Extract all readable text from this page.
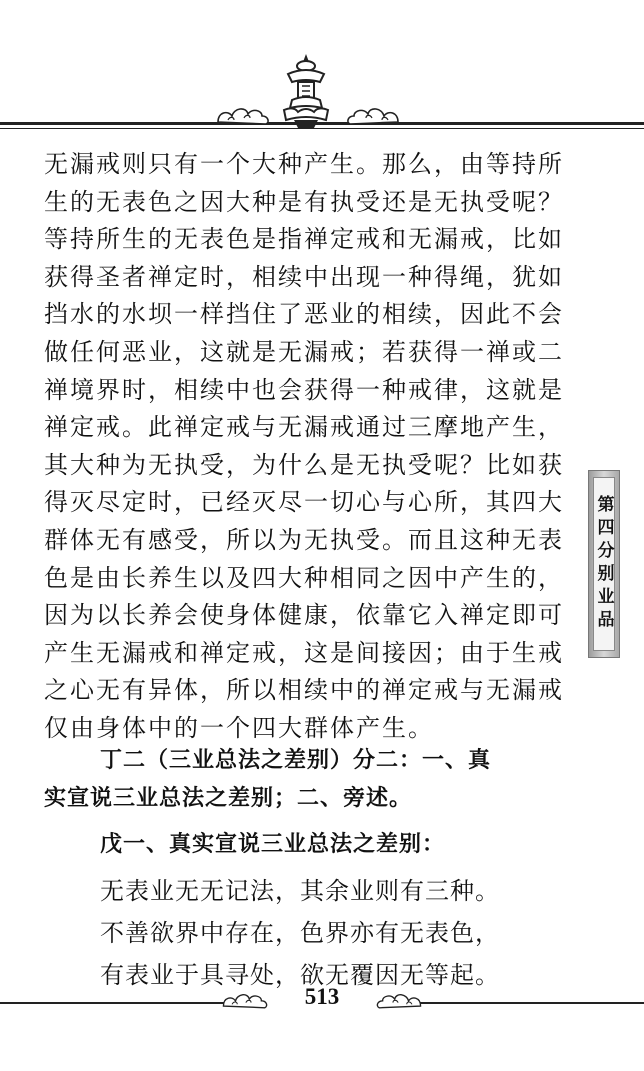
无漏戒则只有一个大种产生。那么，由等持所

生的无表色之因大种是有执受还是无执受呢？

等持所生的无表色是指禅定戒和无漏戒，比如

获得圣者禅定时，相续中出现一种得绳，犹如

挡水的水坝一样挡住了恶业的相续，因此不会

做任何恶业，这就是无漏戒；若获得一禅或二

禅境界时，相续中也会获得一种戒律，这就是

禅定戒。此禅定戒与无漏戒通过三摩地产生，

其大种为无执受，为什么是无执受呢？比如获

得灭尽定时，已经灭尽一切心与心所，其四大

群体无有感受，所以为无执受。而且这种无表

色是由长养生以及四大种相同之因中产生的，

因为以长养会使身体健康，依靠它入禅定即可

产生无漏戒和禅定戒，这是间接因；由于生戒

之心无有异体，所以相续中的禅定戒与无漏戒

仅由身体中的一个四大群体产生。

丁二（三业总法之差别）分二：一、真
实宣说三业总法之差别；二、旁述。
戊一、真实宣说三业总法之差别：
无表业无无记法，其余业则有三种。
不善欲界中存在，色界亦有无表色，
有表业于具寻处，欲无覆因无等起。
第四分别业品
513
